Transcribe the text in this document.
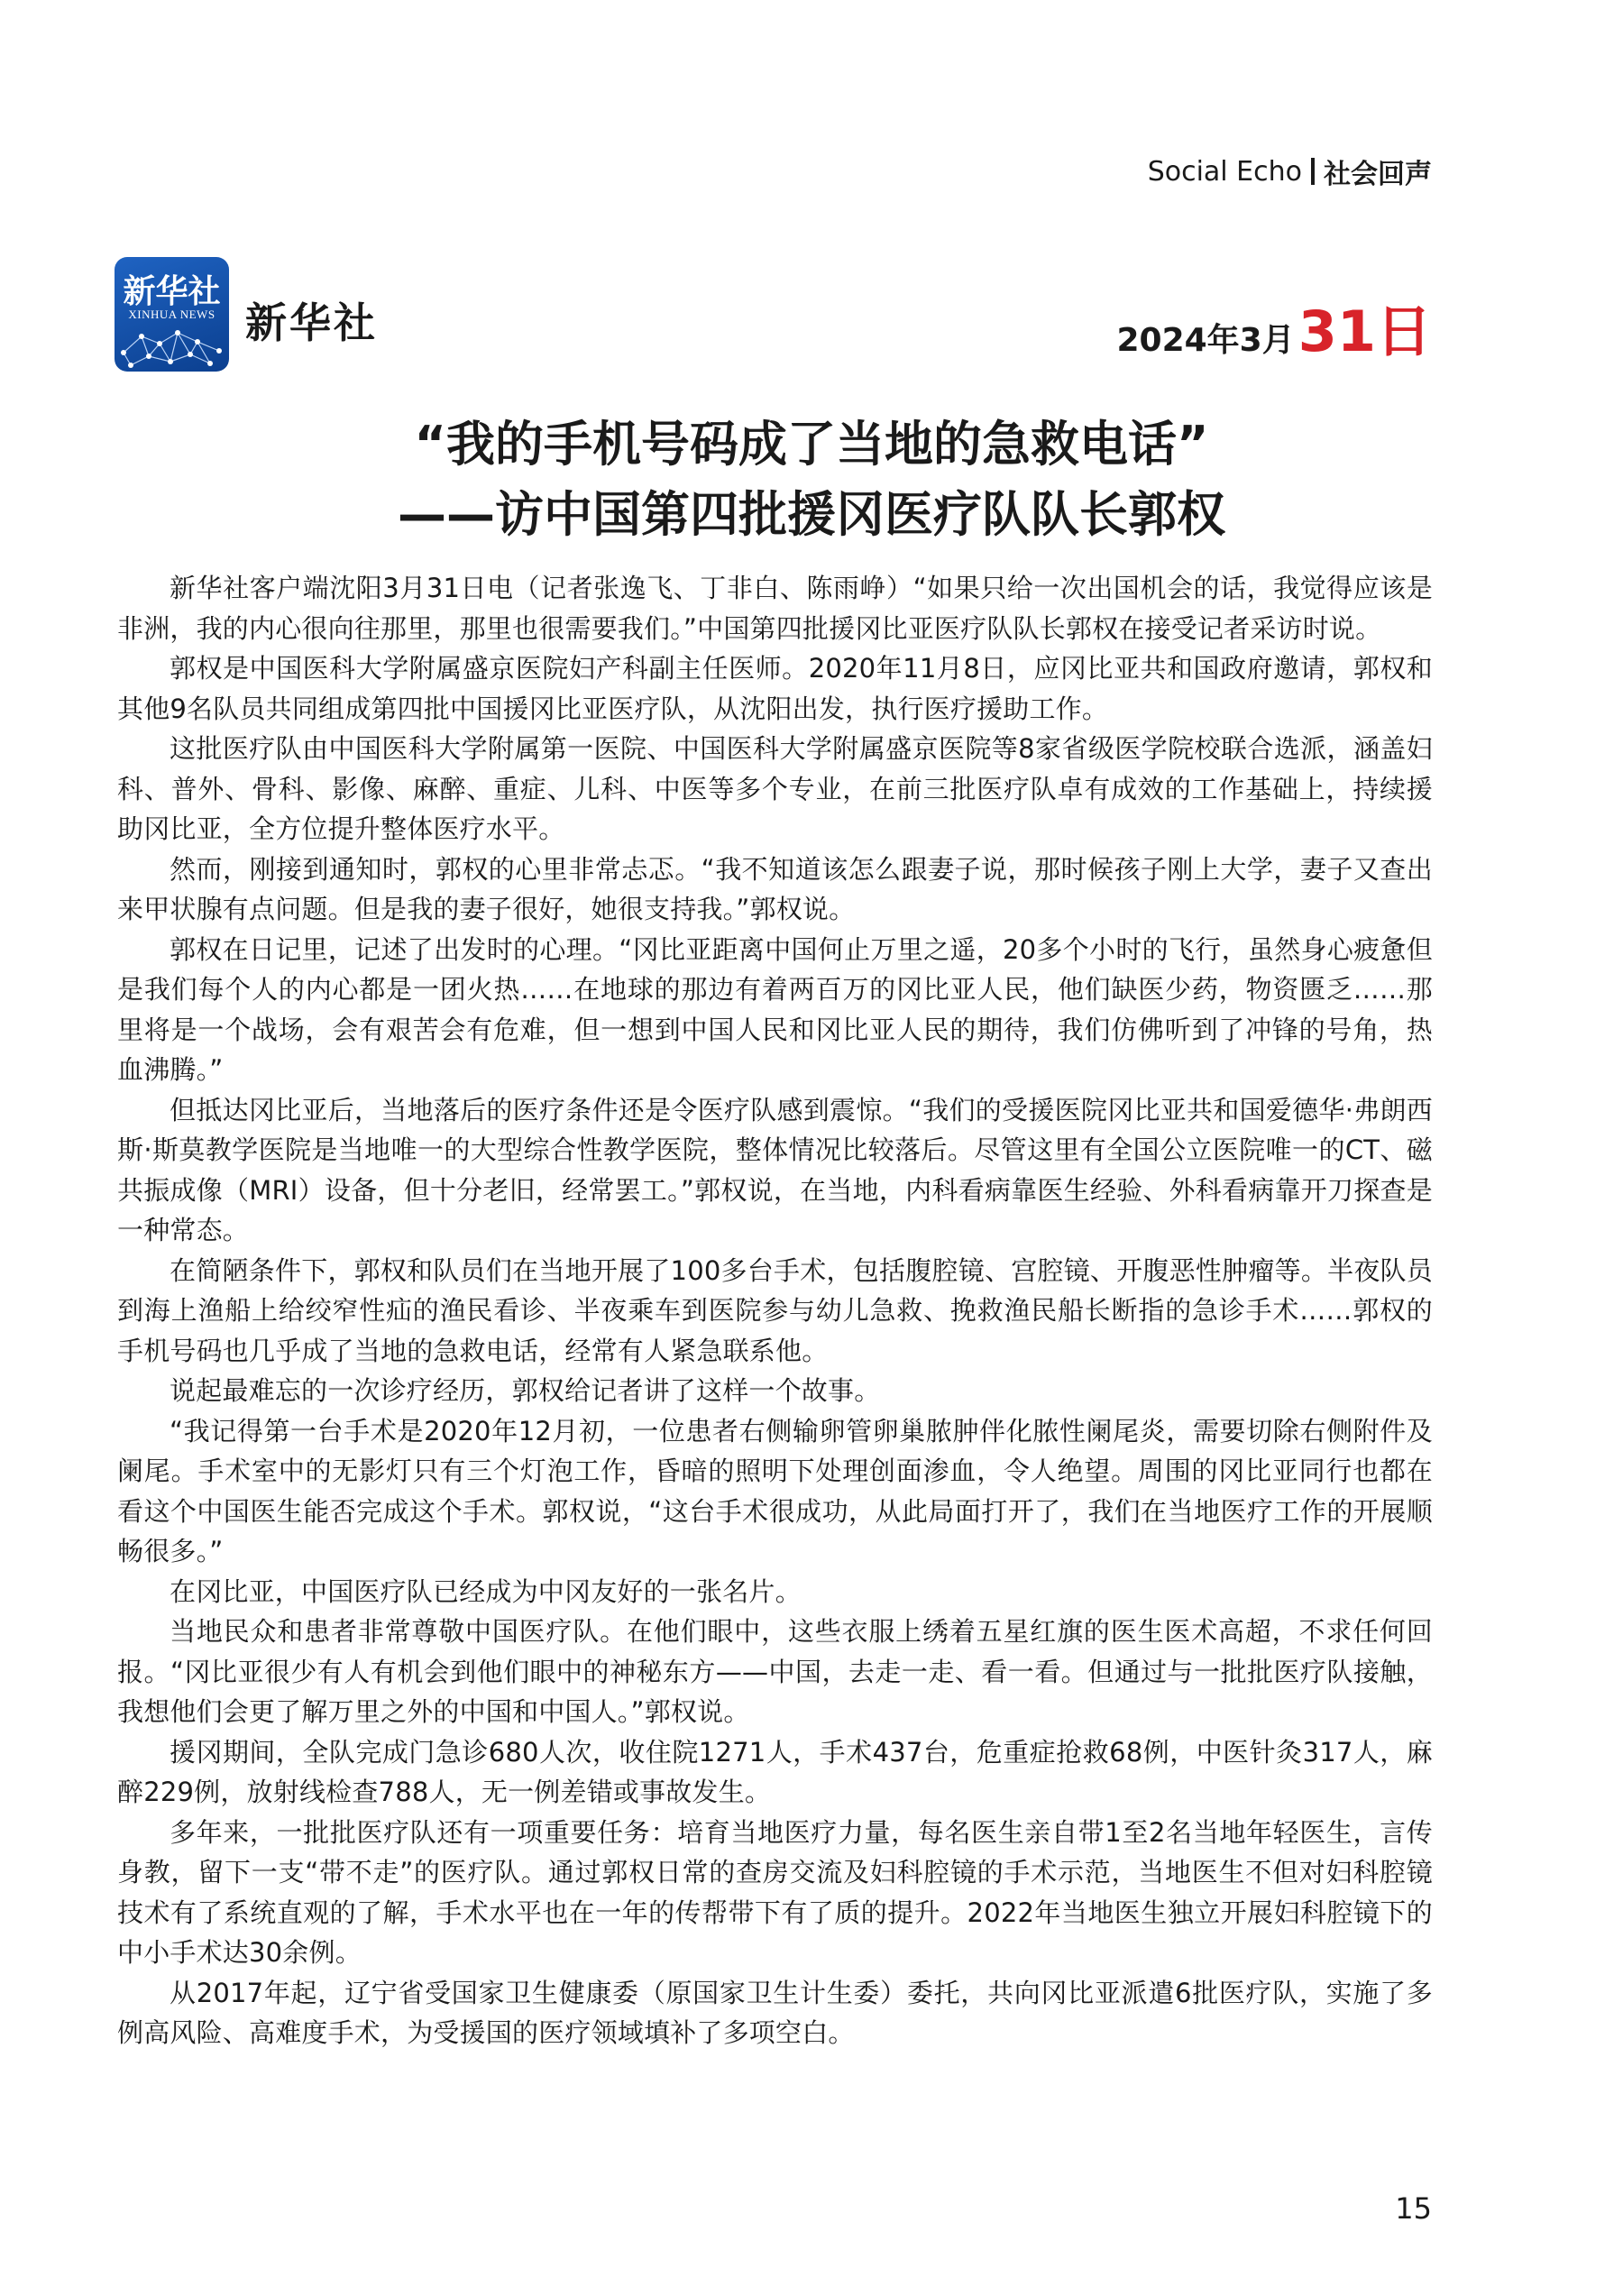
Social Echo 社会回声
新华社
XINHUA NEWS 新华社	2024年3月 31日
“我的手机号码成了当地的急救电话”
——访中国第四批援冈医疗队队长郭权

新华社客户端沈阳3月31日电（记者张逸飞、丁非白、陈雨峥）“如果只给一次出国机会的话，我觉得应该是非洲，我的内心很向往那里，那里也很需要我们。”中国第四批援冈比亚医疗队队长郭权在接受记者采访时说。

郭权是中国医科大学附属盛京医院妇产科副主任医师。2020年11月8日，应冈比亚共和国政府邀请，郭权和其他9名队员共同组成第四批中国援冈比亚医疗队，从沈阳出发，执行医疗援助工作。

这批医疗队由中国医科大学附属第一医院、中国医科大学附属盛京医院等8家省级医学院校联合选派，涵盖妇科、普外、骨科、影像、麻醉、重症、儿科、中医等多个专业，在前三批医疗队卓有成效的工作基础上，持续援助冈比亚，全方位提升整体医疗水平。

然而，刚接到通知时，郭权的心里非常忐忑。“我不知道该怎么跟妻子说，那时候孩子刚上大学，妻子又查出来甲状腺有点问题。但是我的妻子很好，她很支持我。”郭权说。

郭权在日记里，记述了出发时的心理。“冈比亚距离中国何止万里之遥，20多个小时的飞行，虽然身心疲惫但是我们每个人的内心都是一团火热……在地球的那边有着两百万的冈比亚人民，他们缺医少药，物资匮乏……那里将是一个战场，会有艰苦会有危难，但一想到中国人民和冈比亚人民的期待，我们仿佛听到了冲锋的号角，热血沸腾。”

但抵达冈比亚后，当地落后的医疗条件还是令医疗队感到震惊。“我们的受援医院冈比亚共和国爱德华·弗朗西斯·斯莫教学医院是当地唯一的大型综合性教学医院，整体情况比较落后。尽管这里有全国公立医院唯一的CT、磁共振成像（MRI）设备，但十分老旧，经常罢工。”郭权说，在当地，内科看病靠医生经验、外科看病靠开刀探查是一种常态。

在简陋条件下，郭权和队员们在当地开展了100多台手术，包括腹腔镜、宫腔镜、开腹恶性肿瘤等。半夜队员到海上渔船上给绞窄性疝的渔民看诊、半夜乘车到医院参与幼儿急救、挽救渔民船长断指的急诊手术……郭权的手机号码也几乎成了当地的急救电话，经常有人紧急联系他。

说起最难忘的一次诊疗经历，郭权给记者讲了这样一个故事。

“我记得第一台手术是2020年12月初，一位患者右侧输卵管卵巢脓肿伴化脓性阑尾炎，需要切除右侧附件及阑尾。手术室中的无影灯只有三个灯泡工作，昏暗的照明下处理创面渗血，令人绝望。周围的冈比亚同行也都在看这个中国医生能否完成这个手术。郭权说，“这台手术很成功，从此局面打开了，我们在当地医疗工作的开展顺畅很多。”

在冈比亚，中国医疗队已经成为中冈友好的一张名片。

当地民众和患者非常尊敬中国医疗队。在他们眼中，这些衣服上绣着五星红旗的医生医术高超，不求任何回报。“冈比亚很少有人有机会到他们眼中的神秘东方——中国，去走一走、看一看。但通过与一批批医疗队接触，我想他们会更了解万里之外的中国和中国人。”郭权说。

援冈期间，全队完成门急诊680人次，收住院1271人，手术437台，危重症抢救68例，中医针灸317人，麻醉229例，放射线检查788人，无一例差错或事故发生。

多年来，一批批医疗队还有一项重要任务：培育当地医疗力量，每名医生亲自带1至2名当地年轻医生，言传身教，留下一支“带不走”的医疗队。通过郭权日常的查房交流及妇科腔镜的手术示范，当地医生不但对妇科腔镜技术有了系统直观的了解，手术水平也在一年的传帮带下有了质的提升。2022年当地医生独立开展妇科腔镜下的中小手术达30余例。

从2017年起，辽宁省受国家卫生健康委（原国家卫生计生委）委托，共向冈比亚派遣6批医疗队，实施了多例高风险、高难度手术，为受援国的医疗领域填补了多项空白。

15
